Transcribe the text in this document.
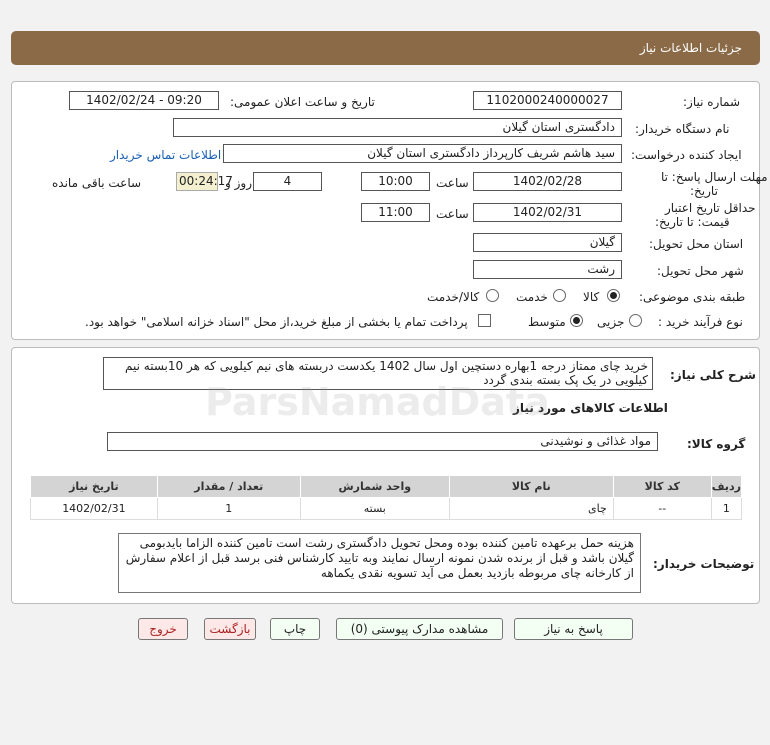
جزئیات اطلاعات نیاز
شماره نیاز:
1102000240000027
تاریخ و ساعت اعلان عمومی:
1402/02/24 - 09:20
نام دستگاه خریدار:
دادگستری استان گیلان
ایجاد کننده درخواست:
سید هاشم شریف کارپرداز دادگستری استان گیلان
اطلاعات تماس خریدار
مهلت ارسال پاسخ: تا
تاریخ:
1402/02/28
ساعت
10:00
4
روز و
00:24:17
ساعت باقی مانده
حداقل تاریخ اعتبار
قیمت: تا تاریخ:
1402/02/31
ساعت
11:00
استان محل تحویل:
گیلان
شهر محل تحویل:
رشت
طبقه بندی موضوعی:
کالا
خدمت
کالا/خدمت
نوع فرآیند خرید :
جزیی
متوسط
پرداخت تمام یا بخشی از مبلغ خرید،از محل "اسناد خزانه اسلامی" خواهد بود.
شرح کلی نیاز:
خرید چای ممتاز درجه 1بهاره دستچین اول سال 1402 یکدست دربسته های نیم کیلویی که هر 10بسته نیم کیلویی در یک پک بسته بندی گردد
اطلاعات کالاهای مورد نیاز
گروه کالا:
مواد غذائی و نوشیدنی
ردیف	کد کالا	نام کالا	واحد شمارش	تعداد / مقدار	تاریخ نیاز
1	--	چای	بسته	1	1402/02/31
توضیحات خریدار:
هزینه حمل برعهده تامین کننده بوده ومحل تحویل دادگستری رشت است تامین کننده الزاما بایدبومی گیلان باشد و قبل از برنده شدن نمونه ارسال نمایند وبه تایید کارشناس فنی برسد قبل از اعلام سفارش از کارخانه چای مربوطه بازدید بعمل می آید تسویه نقدی یکماهه
ParsNamadData
پاسخ به نیاز
مشاهده مدارک پیوستی (0)
چاپ
بازگشت
خروج
